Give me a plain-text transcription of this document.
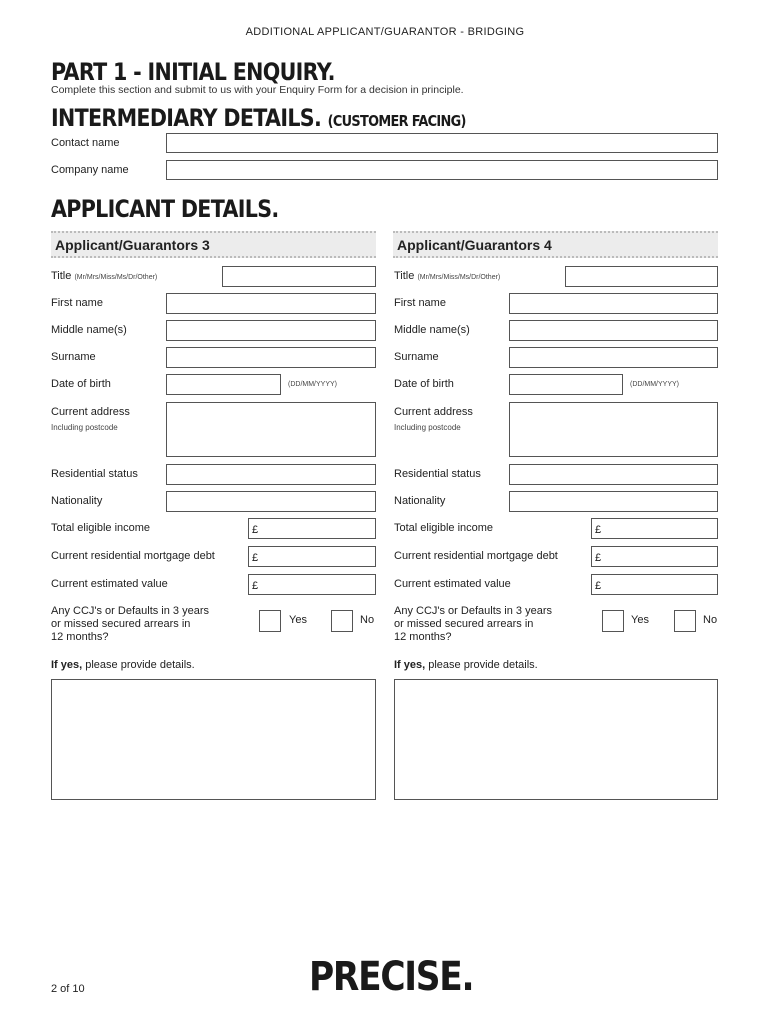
ADDITIONAL APPLICANT/GUARANTOR - BRIDGING
PART 1 - INITIAL ENQUIRY.
Complete this section and submit to us with your Enquiry Form for a decision in principle.
INTERMEDIARY DETAILS. (CUSTOMER FACING)
Contact name
Company name
APPLICANT DETAILS.
Applicant/Guarantors 3
Title (Mr/Mrs/Miss/Ms/Dr/Other)
First name
Middle name(s)
Surname
Date of birth	(DD/MM/YYYY)
Current address
Including postcode
Residential status
Nationality
Total eligible income	£
Current residential mortgage debt	£
Current estimated value	£
Any CCJ's or Defaults in 3 years
or missed secured arrears in
12 months?
Yes	No
If yes, please provide details.
Applicant/Guarantors 4
Title (Mr/Mrs/Miss/Ms/Dr/Other)
First name
Middle name(s)
Surname
Date of birth	(DD/MM/YYYY)
Current address
Including postcode
Residential status
Nationality
Total eligible income	£
Current residential mortgage debt	£
Current estimated value	£
Any CCJ's or Defaults in 3 years
or missed secured arrears in
12 months?
Yes	No
If yes, please provide details.
2 of 10	PRECISE.
